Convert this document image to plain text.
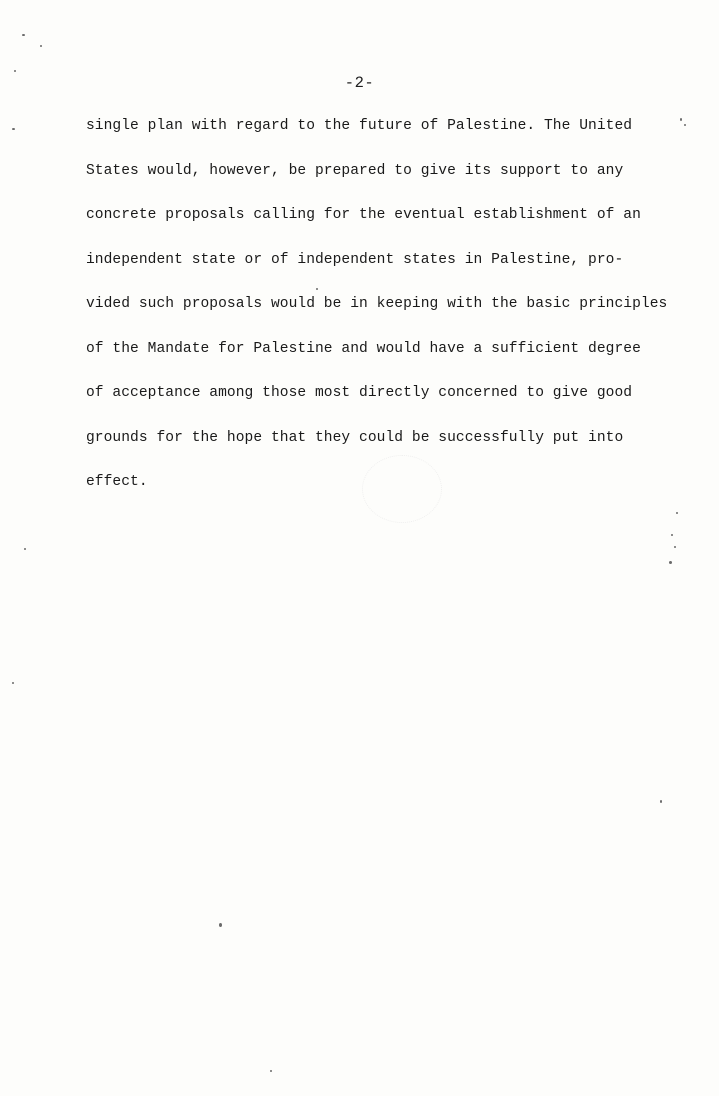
-2-
single plan with regard to the future of Palestine. The United
States would, however, be prepared to give its support to any
concrete proposals calling for the eventual establishment of an
independent state or of independent states in Palestine, pro-
vided such proposals would be in keeping with the basic principles
of the Mandate for Palestine and would have a sufficient degree
of acceptance among those most directly concerned to give good
grounds for the hope that they could be successfully put into
effect.
